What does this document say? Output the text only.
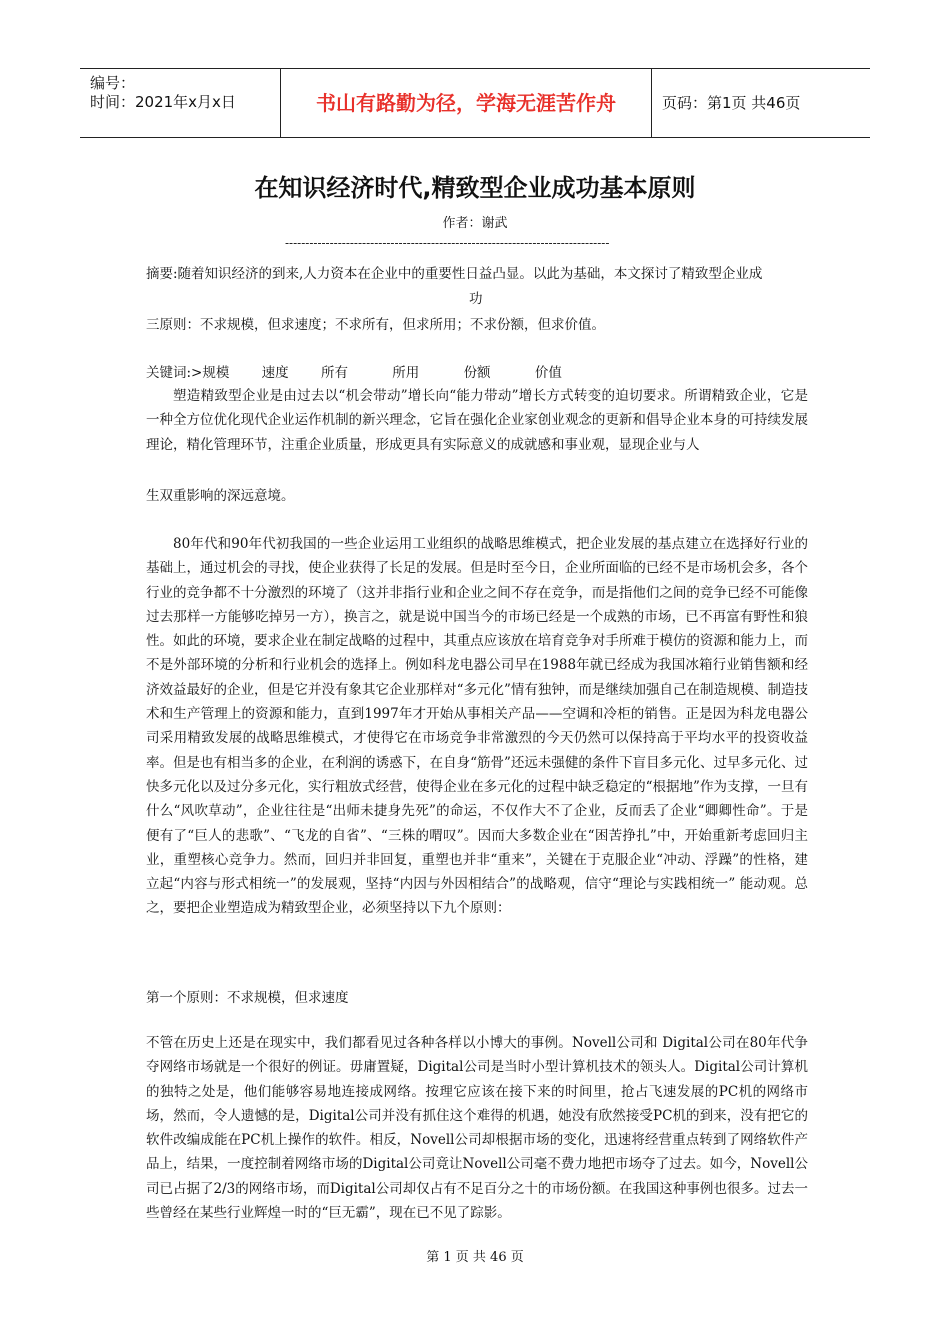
编号：
时间：2021年x月x日	书山有路勤为径，学海无涯苦作舟	页码：第1页 共46页
在知识经济时代,精致型企业成功基本原则
作者：谢武
--------------------------------------------------------------------------------
摘要:随着知识经济的到来,人力资本在企业中的重要性日益凸显。以此为基础，本文探讨了精致型企业成
功
三原则：不求规模，但求速度；不求所有，但求所用；不求份额，但求价值。
关键词:>规模 速度 所有	所用	份额	价值
塑造精致型企业是由过去以“机会带动”增长向“能力带动”增长方式转变的迫切要求。所谓精致企业，它是一种全方位优化现代企业运作机制的新兴理念，它旨在强化企业家创业观念的更新和倡导企业本身的可持续发展理论，精化管理环节，注重企业质量，形成更具有实际意义的成就感和事业观，显现企业与人
生双重影响的深远意境。
80年代和90年代初我国的一些企业运用工业组织的战略思维模式，把企业发展的基点建立在选择好行业的基础上，通过机会的寻找，使企业获得了长足的发展。但是时至今日，企业所面临的已经不是市场机会多，各个行业的竞争都不十分激烈的环境了（这并非指行业和企业之间不存在竞争，而是指他们之间的竞争已经不可能像过去那样一方能够吃掉另一方），换言之，就是说中国当今的市场已经是一个成熟的市场，已不再富有野性和狼性。如此的环境，要求企业在制定战略的过程中，其重点应该放在培育竞争对手所难于模仿的资源和能力上，而不是外部环境的分析和行业机会的选择上。例如科龙电器公司早在1988年就已经成为我国冰箱行业销售额和经济效益最好的企业，但是它并没有象其它企业那样对“多元化”情有独钟，而是继续加强自己在制造规模、制造技术和生产管理上的资源和能力，直到1997年才开始从事相关产品——空调和冷柜的销售。正是因为科龙电器公司采用精致发展的战略思维模式，才使得它在市场竞争非常激烈的今天仍然可以保持高于平均水平的投资收益率。但是也有相当多的企业，在利润的诱惑下，在自身“筋骨”还远未强健的条件下盲目多元化、过早多元化、过快多元化以及过分多元化，实行粗放式经营，使得企业在多元化的过程中缺乏稳定的“根据地”作为支撑，一旦有什么“风吹草动”，企业往往是“出师未捷身先死”的命运，不仅作大不了企业，反而丢了企业“卿卿性命”。于是便有了“巨人的悲歌”、“飞龙的自省”、“三株的喟叹”。因而大多数企业在“困苦挣扎”中，开始重新考虑回归主业，重塑核心竞争力。然而，回归并非回复，重塑也并非“重来”，关键在于克服企业“冲动、浮躁”的性格，建立起“内容与形式相统一”的发展观，坚持“内因与外因相结合”的战略观，信守“理论与实践相统一” 能动观。总之，要把企业塑造成为精致型企业，必须坚持以下九个原则：
第一个原则：不求规模，但求速度
不管在历史上还是在现实中，我们都看见过各种各样以小博大的事例。Novell公司和 Digital公司在80年代争夺网络市场就是一个很好的例证。毋庸置疑，Digital公司是当时小型计算机技术的领头人。Digital公司计算机的独特之处是，他们能够容易地连接成网络。按理它应该在接下来的时间里，抢占飞速发展的PC机的网络市场，然而，令人遗憾的是，Digital公司并没有抓住这个难得的机遇，她没有欣然接受PC机的到来，没有把它的软件改编成能在PC机上操作的软件。相反，Novell公司却根据市场的变化，迅速将经营重点转到了网络软件产品上，结果，一度控制着网络市场的Digital公司竟让Novell公司毫不费力地把市场夺了过去。如今，Novell公司已占据了2/3的网络市场，而Digital公司却仅占有不足百分之十的市场份额。在我国这种事例也很多。过去一些曾经在某些行业辉煌一时的“巨无霸”，现在已不见了踪影。
第 1 页 共 46 页
